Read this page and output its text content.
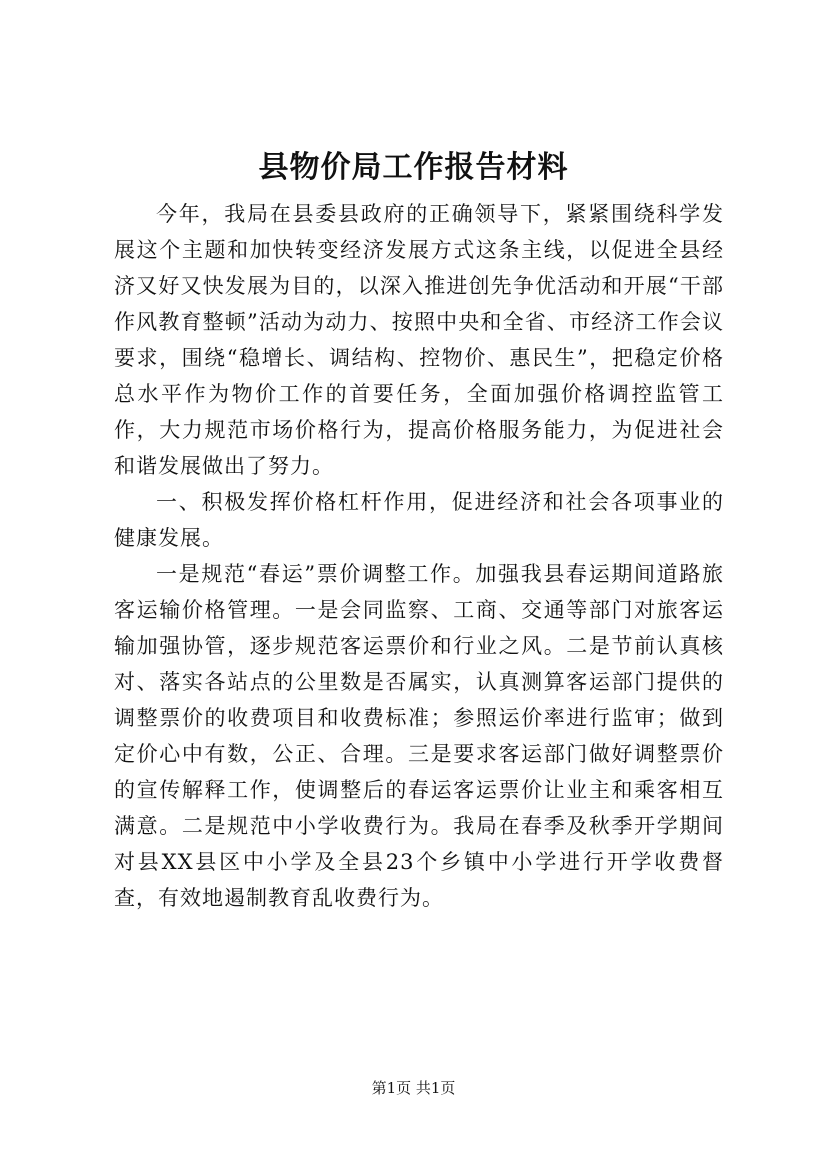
县物价局工作报告材料

今年，我局在县委县政府的正确领导下，紧紧围绕科学发展这个主题和加快转变经济发展方式这条主线，以促进全县经济又好又快发展为目的，以深入推进创先争优活动和开展“干部作风教育整顿”活动为动力、按照中央和全省、市经济工作会议要求，围绕“稳增长、调结构、控物价、惠民生”，把稳定价格总水平作为物价工作的首要任务，全面加强价格调控监管工作，大力规范市场价格行为，提高价格服务能力，为促进社会和谐发展做出了努力。

一、积极发挥价格杠杆作用，促进经济和社会各项事业的健康发展。

一是规范“春运”票价调整工作。加强我县春运期间道路旅客运输价格管理。一是会同监察、工商、交通等部门对旅客运输加强协管，逐步规范客运票价和行业之风。二是节前认真核对、落实各站点的公里数是否属实，认真测算客运部门提供的调整票价的收费项目和收费标准；参照运价率进行监审；做到定价心中有数，公正、合理。三是要求客运部门做好调整票价的宣传解释工作，使调整后的春运客运票价让业主和乘客相互满意。二是规范中小学收费行为。我局在春季及秋季开学期间对县XX县区中小学及全县23个乡镇中小学进行开学收费督查，有效地遏制教育乱收费行为。

第1页 共1页
